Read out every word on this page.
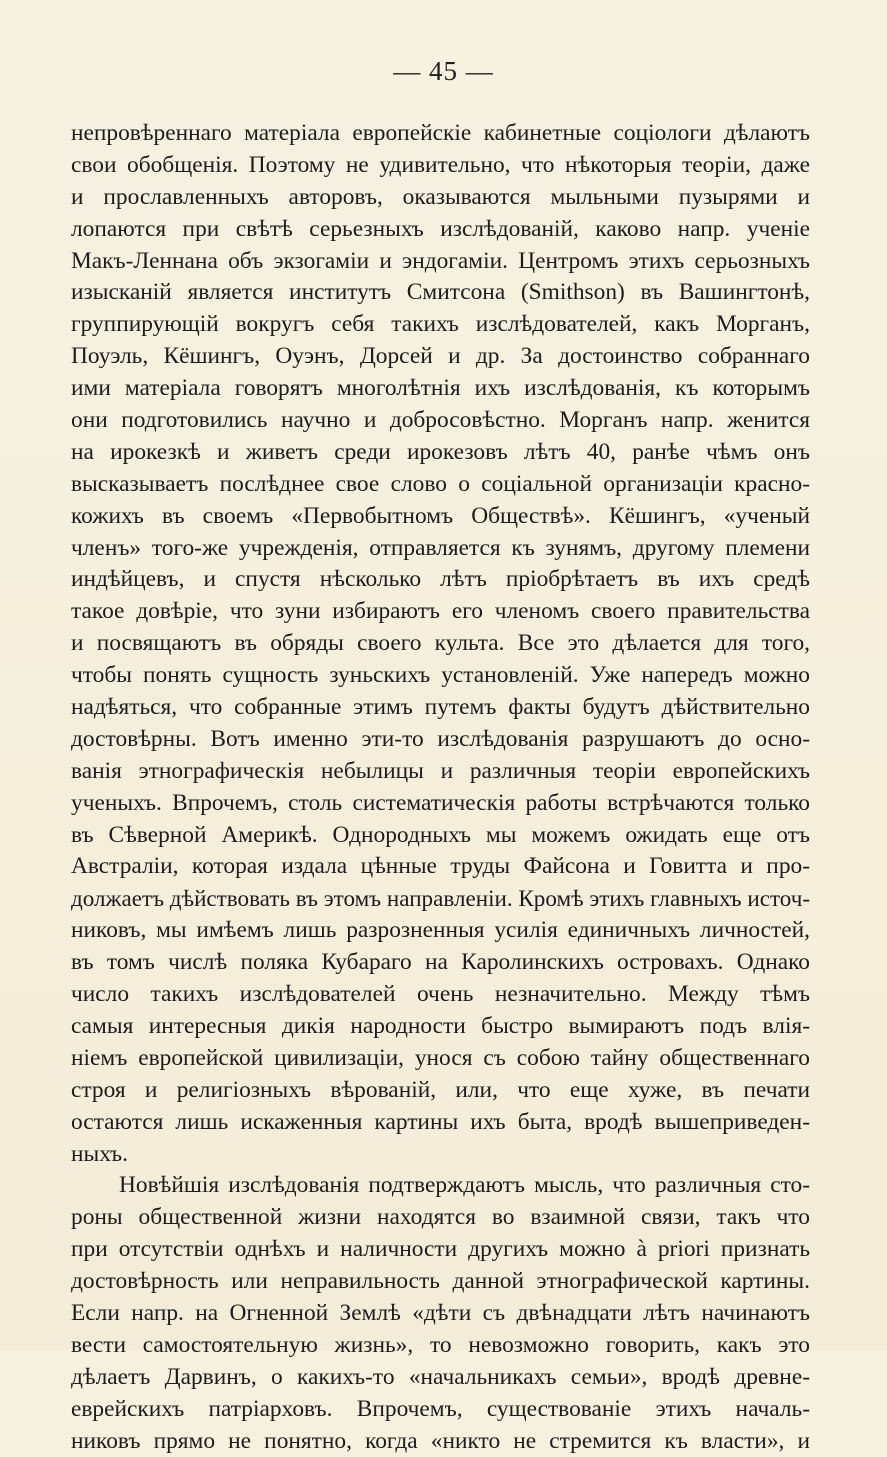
— 45 —
непровѣреннаго матеріала европейскіе кабинетные соціологи дѣлаютъ
свои обобщенія. Поэтому не удивительно, что нѣкоторыя теоріи, даже
и прославленныхъ авторовъ, оказываются мыльными пузырями и
лопаются при свѣтѣ серьезныхъ изслѣдованій, каково напр. ученіе
Макъ-Леннана объ экзогаміи и эндогаміи. Центромъ этихъ серьозныхъ
изысканій является институтъ Смитсона (Smithson) въ Вашингтонѣ,
группирующій вокругъ себя такихъ изслѣдователей, какъ Морганъ,
Поуэль, Кёшингъ, Оуэнъ, Дорсей и др. За достоинство собраннаго
ими матеріала говорятъ многолѣтнія ихъ изслѣдованія, къ которымъ
они подготовились научно и добросовѣстно. Морганъ напр. женится
на ирокезкѣ и живетъ среди ирокезовъ лѣтъ 40, ранѣе чѣмъ онъ
высказываетъ послѣднее свое слово о соціальной организаціи красно-
кожихъ въ своемъ «Первобытномъ Обществѣ». Кёшингъ, «ученый
членъ» того-же учрежденія, отправляется къ зунямъ, другому племени
индѣйцевъ, и спустя нѣсколько лѣтъ пріобрѣтаетъ въ ихъ средѣ
такое довѣріе, что зуни избираютъ его членомъ своего правительства
и посвящаютъ въ обряды своего культа. Все это дѣлается для того,
чтобы понять сущность зуньскихъ установленій. Уже напередъ можно
надѣяться, что собранные этимъ путемъ факты будутъ дѣйствительно
достовѣрны. Вотъ именно эти-то изслѣдованія разрушаютъ до осно-
ванія этнографическія небылицы и различныя теоріи европейскихъ
ученыхъ. Впрочемъ, столь систематическія работы встрѣчаются только
въ Сѣверной Америкѣ. Однородныхъ мы можемъ ожидать еще отъ
Австраліи, которая издала цѣнные труды Файсона и Говитта и про-
должаетъ дѣйствовать въ этомъ направленіи. Кромѣ этихъ главныхъ источ-
никовъ, мы имѣемъ лишь разрозненныя усилія единичныхъ личностей,
въ томъ числѣ поляка Кубараго на Каролинскихъ островахъ. Однако
число такихъ изслѣдователей очень незначительно. Между тѣмъ
самыя интересныя дикія народности быстро вымираютъ подъ влія-
ніемъ европейской цивилизаціи, унося съ собою тайну общественнаго
строя и религіозныхъ вѣрованій, или, что еще хуже, въ печати
остаются лишь искаженныя картины ихъ быта, вродѣ вышеприведен-
ныхъ.
Новѣйшія изслѣдованія подтверждаютъ мысль, что различныя сто-
роны общественной жизни находятся во взаимной связи, такъ что
при отсутствіи однѣхъ и наличности другихъ можно à priori признать
достовѣрность или неправильность данной этнографической картины.
Если напр. на Огненной Землѣ «дѣти съ двѣнадцати лѣтъ начинаютъ
вести самостоятельную жизнь», то невозможно говорить, какъ это
дѣлаетъ Дарвинъ, о какихъ-то «начальникахъ семьи», вродѣ древне-
еврейскихъ патріарховъ. Впрочемъ, существованіе этихъ началь-
никовъ прямо не понятно, когда «никто не стремится къ власти», и
